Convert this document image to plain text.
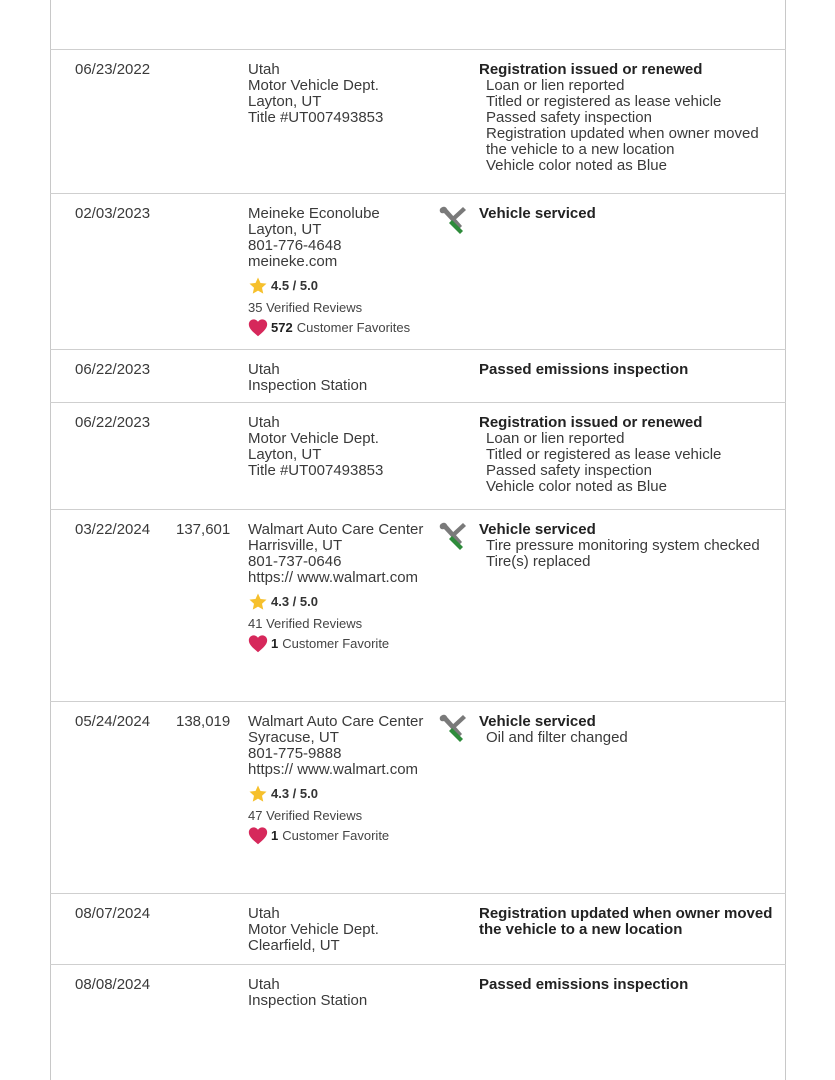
06/23/2022	Utah
Motor Vehicle Dept.
Layton, UT
Title #UT007493853
Registration issued or renewed
Loan or lien reported
Titled or registered as lease vehicle
Passed safety inspection
Registration updated when owner moved the vehicle to a new location
Vehicle color noted as Blue
02/03/2023	Meineke Econolube
Layton, UT
801-776-4648
meineke.com
4.5 / 5.0
35 Verified Reviews
572 Customer Favorites
Vehicle serviced
06/22/2023	Utah
Inspection Station
Passed emissions inspection
06/22/2023	Utah
Motor Vehicle Dept.
Layton, UT
Title #UT007493853
Registration issued or renewed
Loan or lien reported
Titled or registered as lease vehicle
Passed safety inspection
Vehicle color noted as Blue
03/22/2024 137,601 Walmart Auto Care Center
Harrisville, UT
801-737-0646
https:// www.walmart.com
4.3 / 5.0
41 Verified Reviews
1 Customer Favorite
Vehicle serviced
Tire pressure monitoring system checked
Tire(s) replaced
05/24/2024 138,019 Walmart Auto Care Center
Syracuse, UT
801-775-9888
https:// www.walmart.com
4.3 / 5.0
47 Verified Reviews
1 Customer Favorite
Vehicle serviced
Oil and filter changed
08/07/2024	Utah
Motor Vehicle Dept.
Clearfield, UT
Registration updated when owner moved the vehicle to a new location
08/08/2024	Utah
Inspection Station
Passed emissions inspection
